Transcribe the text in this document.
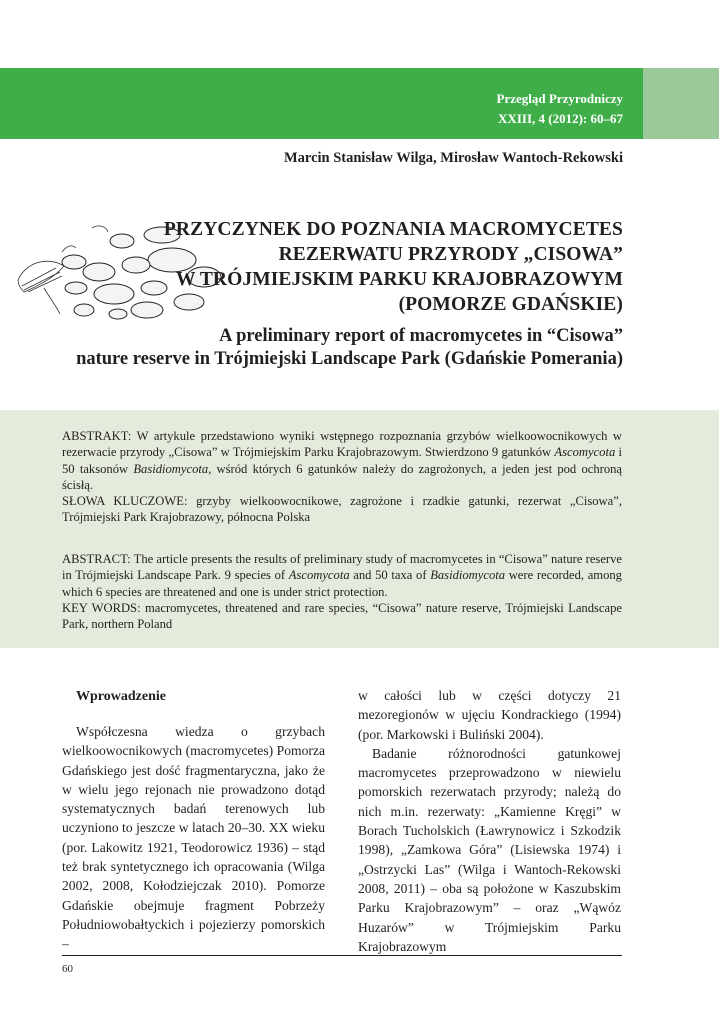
Przegląd Przyrodniczy
XXIII, 4 (2012): 60–67
Marcin Stanisław Wilga, Mirosław Wantoch-Rekowski
PRZYCZYNEK DO POZNANIA MACROMYCETES
REZERWATU PRZYRODY „CISOWA”
W TRÓJMIEJSKIM PARKU KRAJOBRAZOWYM
(POMORZE GDAŃSKIE)
A preliminary report of macromycetes in “Cisowa”
nature reserve in Trójmiejski Landscape Park (Gdańskie Pomerania)

ABSTRAKT: W artykule przedstawiono wyniki wstępnego rozpoznania grzybów wielkoowocnikowych w rezerwacie przyrody „Cisowa” w Trójmiejskim Parku Krajobrazowym. Stwierdzono 9 gatunków Ascomycota i 50 taksonów Basidiomycota, wśród których 6 gatunków należy do zagrożonych, a jeden jest pod ochroną ścisłą.

SŁOWA KLUCZOWE: grzyby wielkoowocnikowe, zagrożone i rzadkie gatunki, rezerwat „Cisowa”, Trójmiejski Park Krajobrazowy, północna Polska

ABSTRACT: The article presents the results of preliminary study of macromycetes in “Cisowa” nature reserve in Trójmiejski Landscape Park. 9 species of Ascomycota and 50 taxa of Basidiomycota were recorded, among which 6 species are threatened and one is under strict protection.

KEY WORDS: macromycetes, threatened and rare species, “Cisowa” nature reserve, Trójmiejski Landscape Park, northern Poland

Wprowadzenie

Współczesna wiedza o grzybach wielkoowocnikowych (macromycetes) Pomorza Gdańskiego jest dość fragmentaryczna, jako że w wielu jego rejonach nie prowadzono dotąd systematycznych badań terenowych lub uczyniono to jeszcze w latach 20–30. XX wieku (por. Lakowitz 1921, Teodorowicz 1936) – stąd też brak syntetycznego ich opracowania (Wilga 2002, 2008, Kołodziejczak 2010). Pomorze Gdańskie obejmuje fragment Pobrzeży Południowobałtyckich i pojezierzy pomorskich –

w całości lub w części dotyczy 21 mezoregionów w ujęciu Kondrackiego (1994) (por. Markowski i Buliński 2004).

Badanie różnorodności gatunkowej macromycetes przeprowadzono w niewielu pomorskich rezerwatach przyrody; należą do nich m.in. rezerwaty: „Kamienne Kręgi” w Borach Tucholskich (Ławrynowicz i Szkodzik 1998), „Zamkowa Góra” (Lisiewska 1974) i „Ostrzycki Las” (Wilga i Wantoch-Rekowski 2008, 2011) – oba są położone w Kaszubskim Parku Krajobrazowym” – oraz „Wąwóz Huzarów” w Trójmiejskim Parku Krajobrazowym

60
